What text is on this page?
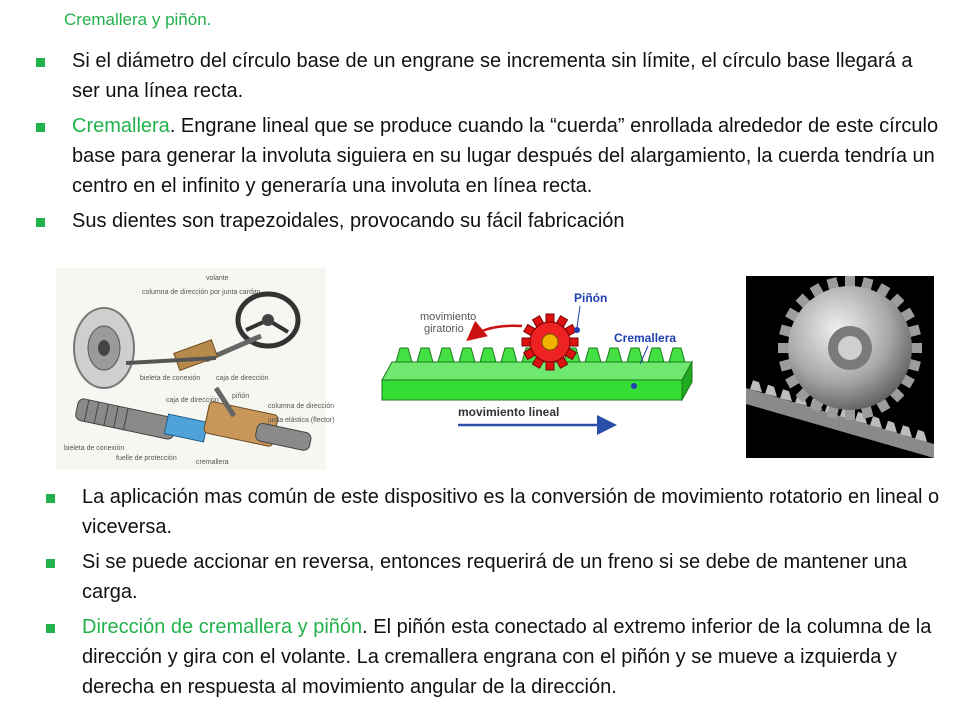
Cremallera y piñón.
Si el diámetro del círculo base de un engrane se incrementa sin límite, el círculo base llegará a ser una línea recta.
Cremallera. Engrane lineal que se produce cuando la “cuerda” enrollada alrededor de este círculo base para generar la involuta siguiera en su lugar después del alargamiento, la cuerda tendría un centro en el infinito y generaría una involuta en línea recta.
Sus dientes son trapezoidales, provocando su fácil fabricación
volante
columna de dirección por junta cardan
bieleta de conexión caja de dirección
columna de dirección
junta elástica (flector)
bieleta de conexión
fuelle de protección
cremallera
piñón
caja de dirección
movimiento
giratorio
Piñón
Cremallera
movimiento lineal
La aplicación mas común de este dispositivo es la conversión de movimiento rotatorio en lineal o viceversa.
Si se puede accionar en reversa, entonces requerirá de un freno si se debe de mantener una carga.
Dirección de cremallera y piñón. El piñón esta conectado al extremo inferior de la columna de la dirección y gira con el volante. La cremallera engrana con el piñón y se mueve a izquierda y derecha en respuesta al movimiento angular de la dirección.
